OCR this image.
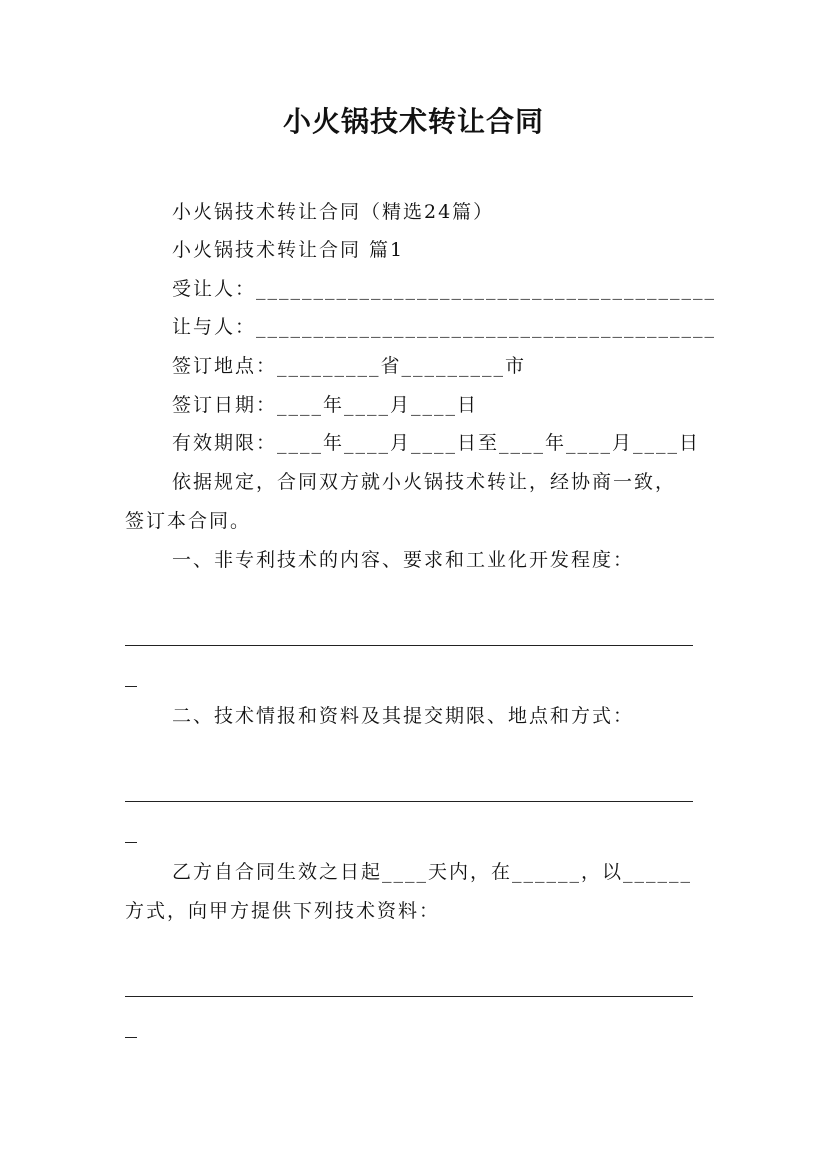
小火锅技术转让合同
小火锅技术转让合同（精选24篇）
小火锅技术转让合同 篇1
受让人：________________________________________
让与人：________________________________________
签订地点：_________省_________市
签订日期：____年____月____日
有效期限：____年____月____日至____年____月____日
依据规定，合同双方就小火锅技术转让，经协商一致，
签订本合同。
一、非专利技术的内容、要求和工业化开发程度：
二、技术情报和资料及其提交期限、地点和方式：
乙方自合同生效之日起____天内，在______，以______
方式，向甲方提供下列技术资料：
